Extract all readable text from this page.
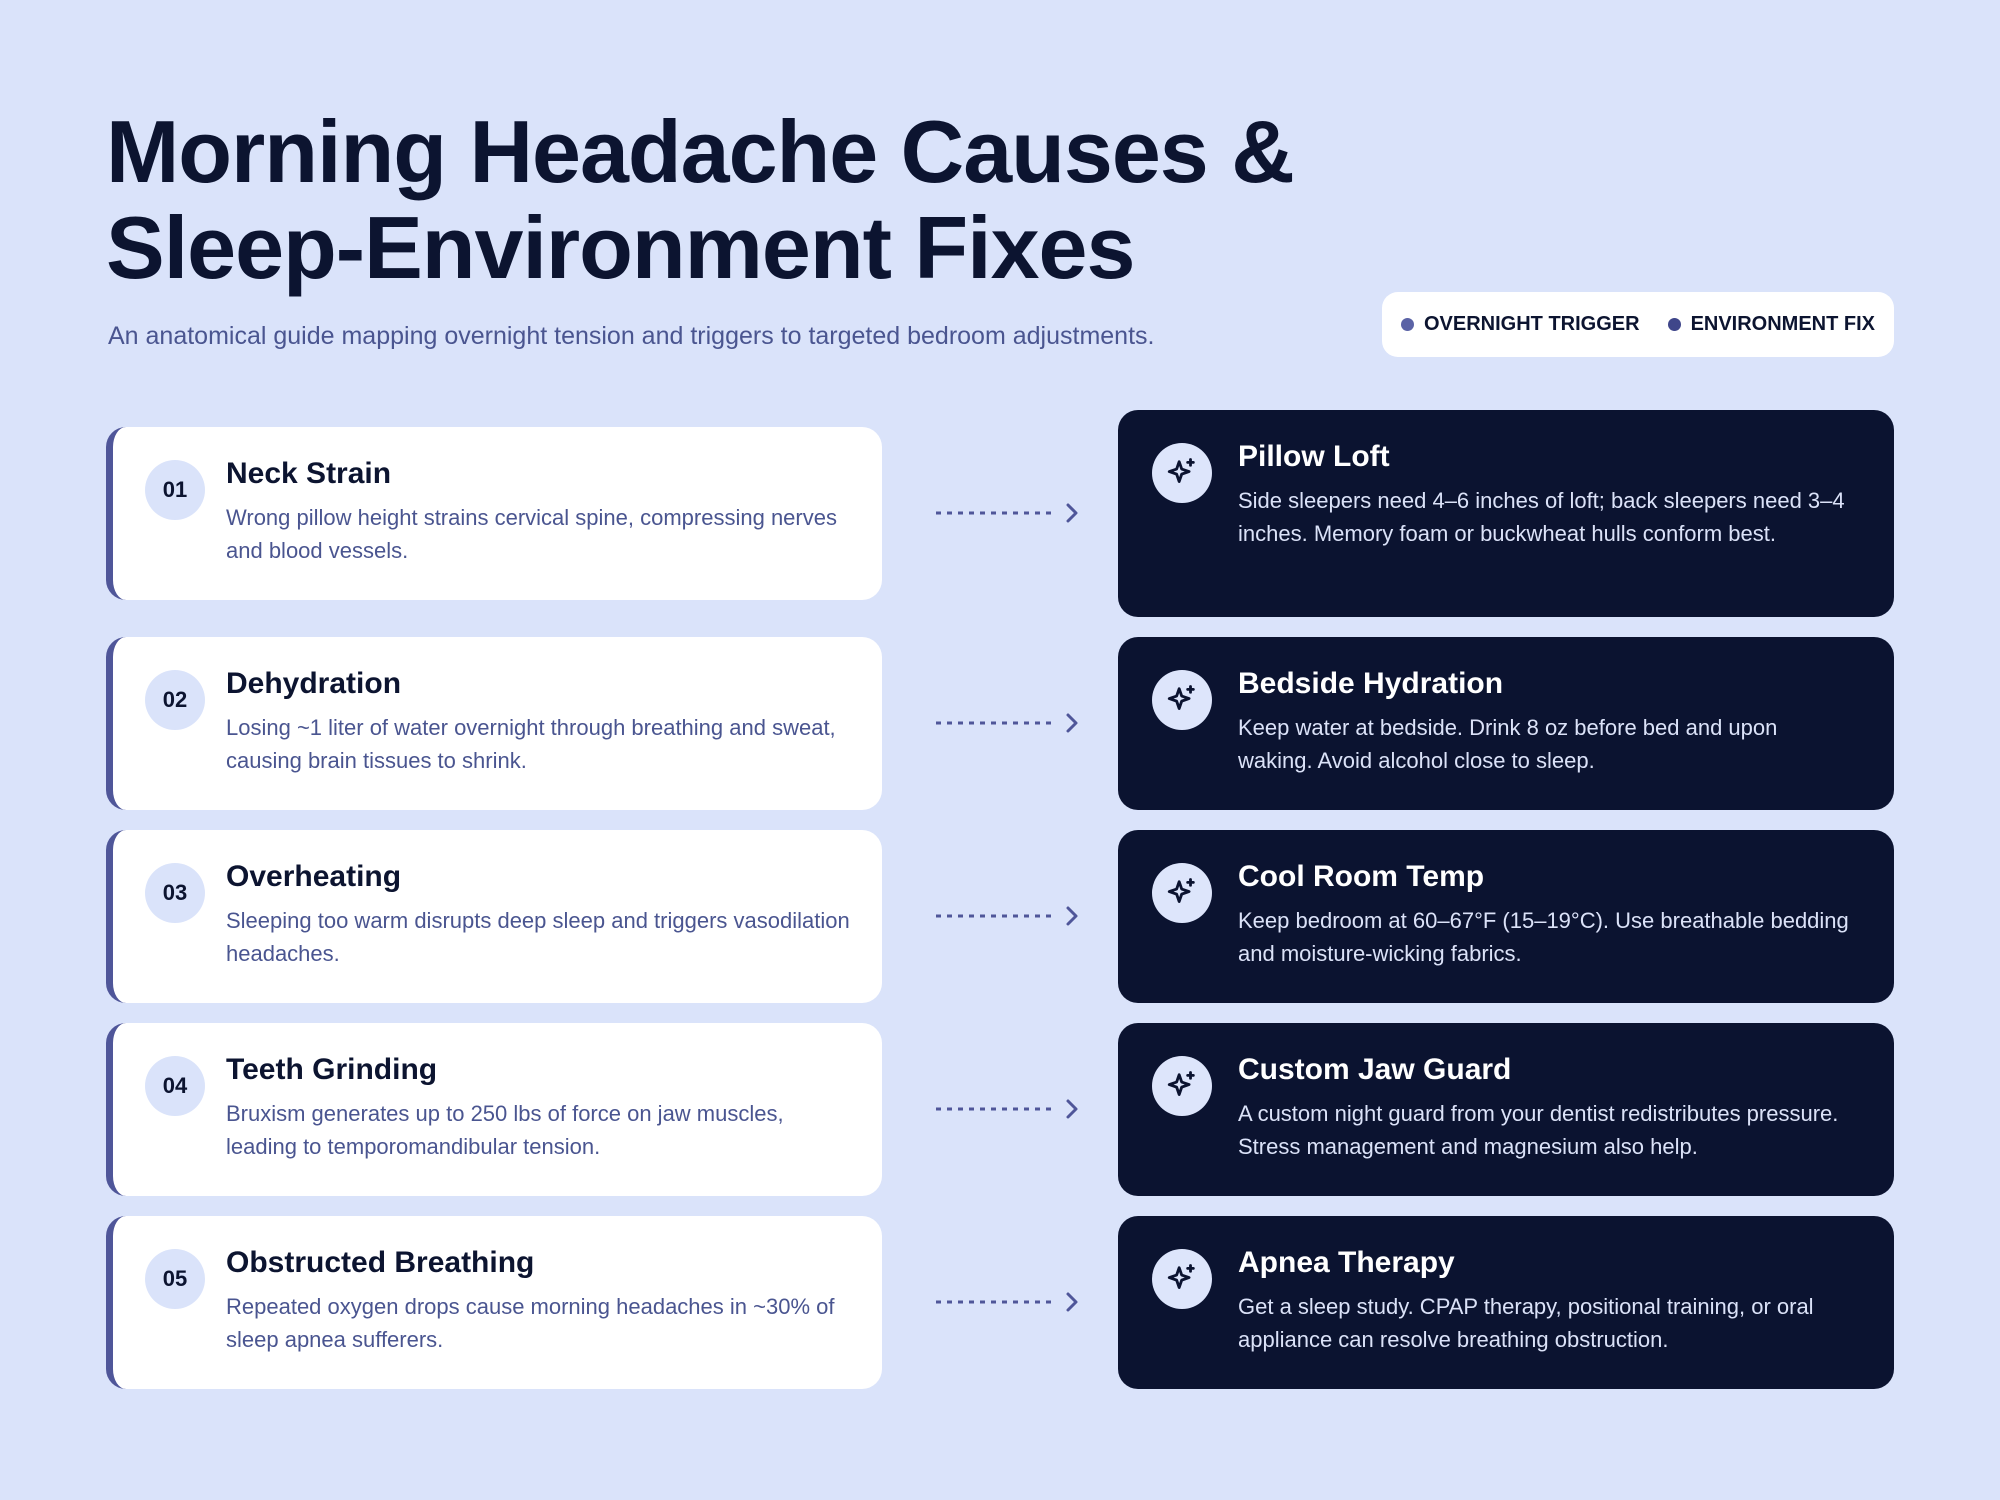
Morning Headache Causes &
Sleep-Environment Fixes

An anatomical guide mapping overnight tension and triggers to targeted bedroom adjustments.	OVERNIGHT TRIGGER	ENVIRONMENT FIX
01	Neck Strain
Wrong pillow height strains cervical spine, compressing nerves and blood vessels.
Pillow Loft
Side sleepers need 4–6 inches of loft; back sleepers need 3–4 inches. Memory foam or buckwheat hulls conform best.
02	Dehydration
Losing ~1 liter of water overnight through breathing and sweat, causing brain tissues to shrink.
Bedside Hydration
Keep water at bedside. Drink 8 oz before bed and upon waking. Avoid alcohol close to sleep.
03	Overheating
Sleeping too warm disrupts deep sleep and triggers vasodilation headaches.
Cool Room Temp
Keep bedroom at 60–67°F (15–19°C). Use breathable bedding and moisture-wicking fabrics.
04	Teeth Grinding
Bruxism generates up to 250 lbs of force on jaw muscles, leading to temporomandibular tension.
Custom Jaw Guard
A custom night guard from your dentist redistributes pressure. Stress management and magnesium also help.
05	Obstructed Breathing
Repeated oxygen drops cause morning headaches in ~30% of sleep apnea sufferers.
Apnea Therapy
Get a sleep study. CPAP therapy, positional training, or oral appliance can resolve breathing obstruction.
